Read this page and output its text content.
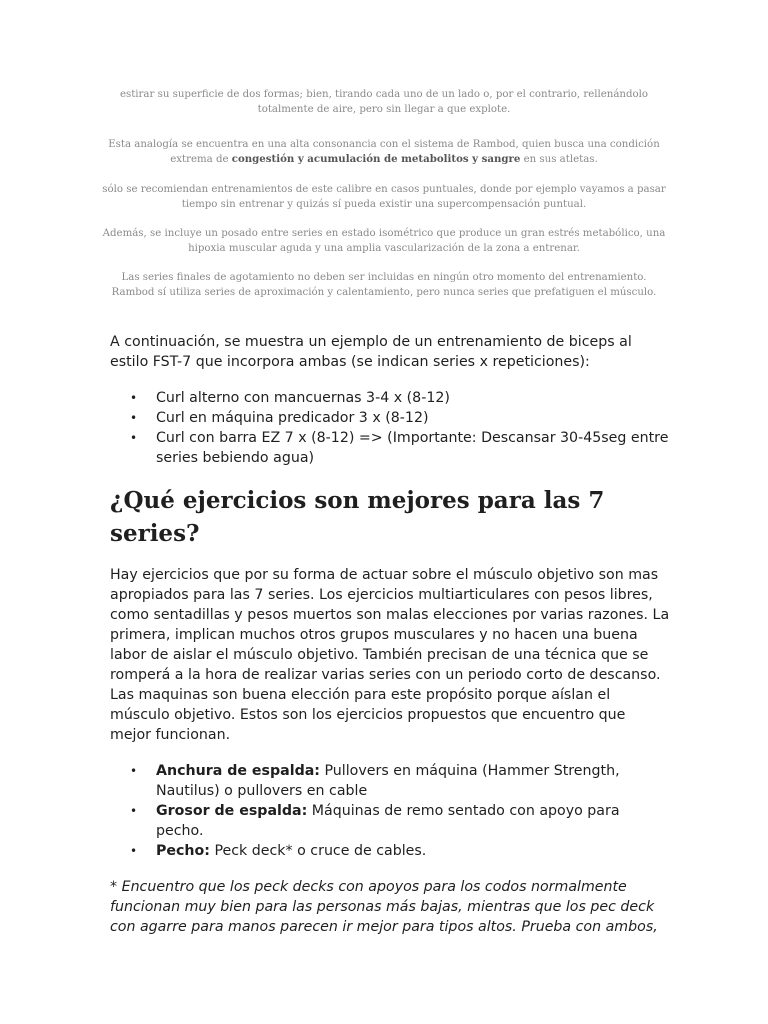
estirar su superficie de dos formas; bien, tirando cada uno de un lado o, por el contrario, rellenándolo totalmente de aire, pero sin llegar a que explote.

Esta analogía se encuentra en una alta consonancia con el sistema de Rambod, quien busca una condición extrema de congestión y acumulación de metabolitos y sangre en sus atletas.

sólo se recomiendan entrenamientos de este calibre en casos puntuales, donde por ejemplo vayamos a pasar tiempo sin entrenar y quizás sí pueda existir una supercompensación puntual.

Además, se incluye un posado entre series en estado isométrico que produce un gran estrés metabólico, una hipoxia muscular aguda y una amplia vascularización de la zona a entrenar.

Las series finales de agotamiento no deben ser incluidas en ningún otro momento del entrenamiento. Rambod sí utiliza series de aproximación y calentamiento, pero nunca series que prefatiguen el músculo.

A continuación, se muestra un ejemplo de un entrenamiento de biceps al estilo FST-7 que incorpora ambas (se indican series x repeticiones):

• Curl alterno con mancuernas 3-4 x (8-12)
• Curl en máquina predicador 3 x (8-12)
• Curl con barra EZ 7 x (8-12) => (Importante: Descansar 30-45seg entre series bebiendo agua)
¿Qué ejercicios son mejores para las 7 series?

Hay ejercicios que por su forma de actuar sobre el músculo objetivo son mas apropiados para las 7 series. Los ejercicios multiarticulares con pesos libres, como sentadillas y pesos muertos son malas elecciones por varias razones. La primera, implican muchos otros grupos musculares y no hacen una buena labor de aislar el músculo objetivo. También precisan de una técnica que se romperá a la hora de realizar varias series con un periodo corto de descanso. Las maquinas son buena elección para este propósito porque aíslan el músculo objetivo. Estos son los ejercicios propuestos que encuentro que mejor funcionan.

• Anchura de espalda: Pullovers en máquina (Hammer Strength, Nautilus) o pullovers en cable
• Grosor de espalda: Máquinas de remo sentado con apoyo para pecho.
• Pecho: Peck deck* o cruce de cables.

* Encuentro que los peck decks con apoyos para los codos normalmente funcionan muy bien para las personas más bajas, mientras que los pec deck con agarre para manos parecen ir mejor para tipos altos. Prueba con ambos,
